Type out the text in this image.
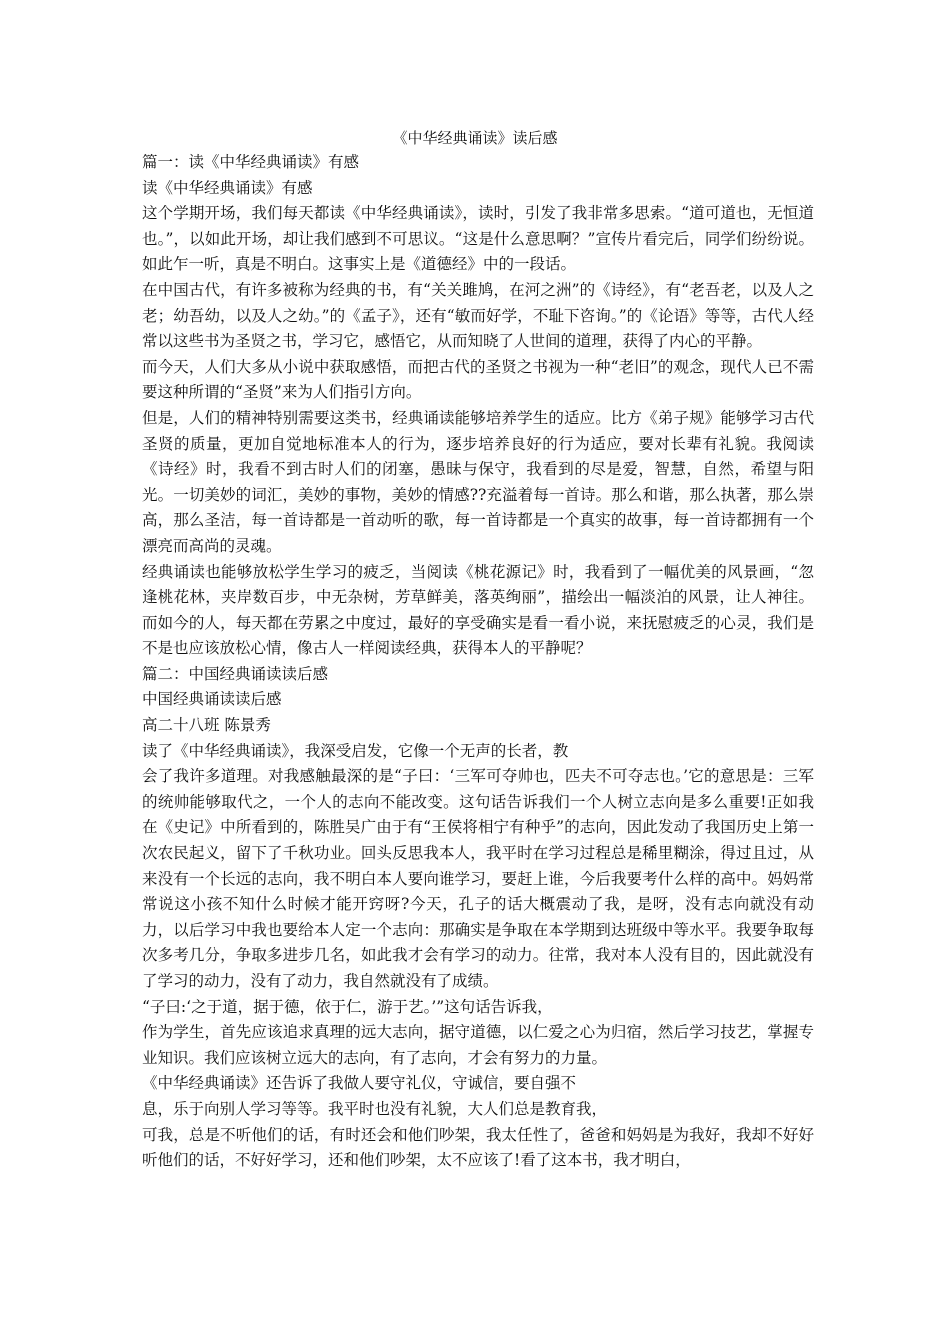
《中华经典诵读》读后感

篇一：读《中华经典诵读》有感

读《中华经典诵读》有感

这个学期开场，我们每天都读《中华经典诵读》，读时，引发了我非常多思索。“道可道也，无恒道也。”，以如此开场，却让我们感到不可思议。“这是什么意思啊？”宣传片看完后，同学们纷纷说。如此乍一听，真是不明白。这事实上是《道德经》中的一段话。

在中国古代，有许多被称为经典的书，有“关关雎鸠，在河之洲”的《诗经》，有“老吾老，以及人之老；幼吾幼，以及人之幼。”的《孟子》，还有“敏而好学，不耻下咨询。”的《论语》等等，古代人经常以这些书为圣贤之书，学习它，感悟它，从而知晓了人世间的道理，获得了内心的平静。

而今天，人们大多从小说中获取感悟，而把古代的圣贤之书视为一种“老旧”的观念，现代人已不需要这种所谓的“圣贤”来为人们指引方向。

但是，人们的精神特别需要这类书，经典诵读能够培养学生的适应。比方《弟子规》能够学习古代圣贤的质量，更加自觉地标准本人的行为，逐步培养良好的行为适应，要对长辈有礼貌。我阅读《诗经》时，我看不到古时人们的闭塞，愚昧与保守，我看到的尽是爱，智慧，自然，希望与阳光。一切美妙的词汇，美妙的事物，美妙的情感??充溢着每一首诗。那么和谐，那么执著，那么崇高，那么圣洁，每一首诗都是一首动听的歌，每一首诗都是一个真实的故事，每一首诗都拥有一个漂亮而高尚的灵魂。

经典诵读也能够放松学生学习的疲乏，当阅读《桃花源记》时，我看到了一幅优美的风景画，“忽逢桃花林，夹岸数百步，中无杂树，芳草鲜美，落英绚丽”，描绘出一幅淡泊的风景，让人神往。而如今的人，每天都在劳累之中度过，最好的享受确实是看一看小说，来抚慰疲乏的心灵，我们是不是也应该放松心情，像古人一样阅读经典，获得本人的平静呢？

篇二：中国经典诵读读后感

中国经典诵读读后感

高二十八班 陈景秀

读了《中华经典诵读》，我深受启发，它像一个无声的长者，教

会了我许多道理。对我感触最深的是“子曰：‘三军可夺帅也，匹夫不可夺志也。’它的意思是：三军的统帅能够取代之，一个人的志向不能改变。这句话告诉我们一个人树立志向是多么重要!正如我在《史记》中所看到的，陈胜吴广由于有“王侯将相宁有种乎”的志向，因此发动了我国历史上第一次农民起义，留下了千秋功业。回头反思我本人，我平时在学习过程总是稀里糊涂，得过且过，从来没有一个长远的志向，我不明白本人要向谁学习，要赶上谁，今后我要考什么样的高中。妈妈常常说这小孩不知什么时候才能开窍呀?今天，孔子的话大概震动了我，是呀，没有志向就没有动力，以后学习中我也要给本人定一个志向：那确实是争取在本学期到达班级中等水平。我要争取每次多考几分，争取多进步几名，如此我才会有学习的动力。往常，我对本人没有目的，因此就没有了学习的动力，没有了动力，我自然就没有了成绩。

“子曰:‘之于道，据于德，依于仁，游于艺。’”这句话告诉我，

作为学生，首先应该追求真理的远大志向，据守道德，以仁爱之心为归宿，然后学习技艺，掌握专业知识。我们应该树立远大的志向，有了志向，才会有努力的力量。

《中华经典诵读》还告诉了我做人要守礼仪，守诚信，要自强不

息，乐于向别人学习等等。我平时也没有礼貌，大人们总是教育我，

可我，总是不听他们的话，有时还会和他们吵架，我太任性了，爸爸和妈妈是为我好，我却不好好听他们的话，不好好学习，还和他们吵架，太不应该了!看了这本书，我才明白，
